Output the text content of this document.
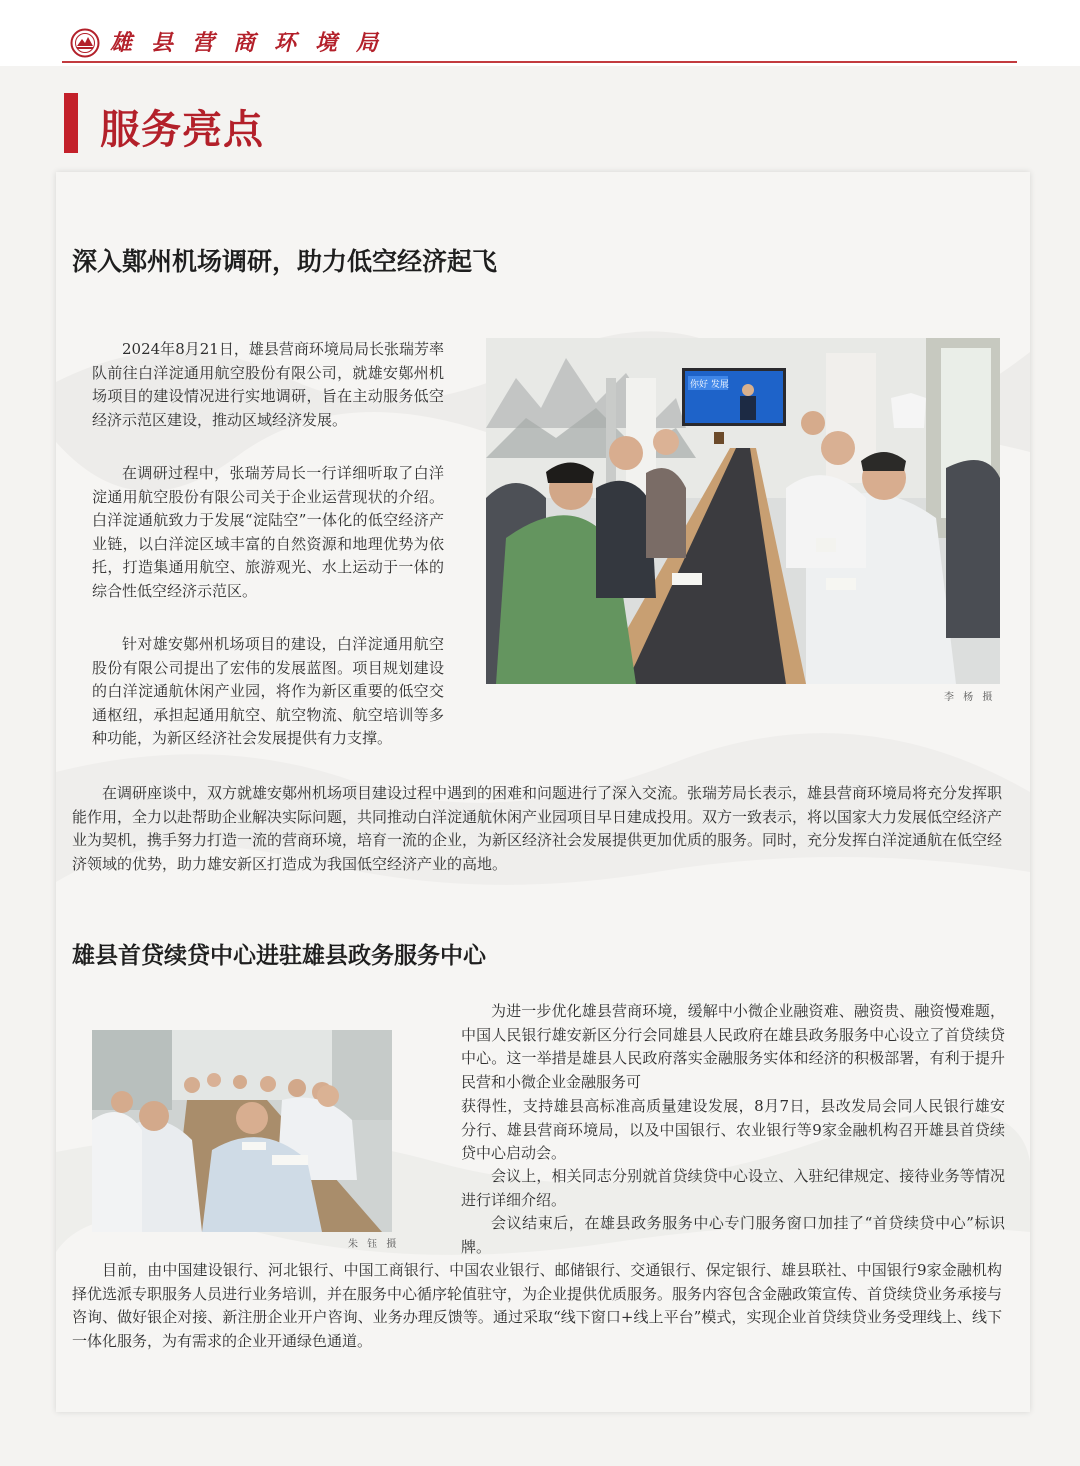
雄县营商环境局
服务亮点
深入鄚州机场调研，助力低空经济起飞

2024年8月21日，雄县营商环境局局长张瑞芳率队前往白洋淀通用航空股份有限公司，就雄安鄚州机场项目的建设情况进行实地调研，旨在主动服务低空经济示范区建设，推动区域经济发展。

在调研过程中，张瑞芳局长一行详细听取了白洋淀通用航空股份有限公司关于企业运营现状的介绍。白洋淀通航致力于发展“淀陆空”一体化的低空经济产业链，以白洋淀区域丰富的自然资源和地理优势为依托，打造集通用航空、旅游观光、水上运动于一体的综合性低空经济示范区。

针对雄安鄚州机场项目的建设，白洋淀通用航空股份有限公司提出了宏伟的发展蓝图。项目规划建设的白洋淀通航休闲产业园，将作为新区重要的低空交通枢纽，承担起通用航空、航空物流、航空培训等多种功能，为新区经济社会发展提供有力支撑。

你好 发展
李 杨 摄

在调研座谈中，双方就雄安鄚州机场项目建设过程中遇到的困难和问题进行了深入交流。张瑞芳局长表示，雄县营商环境局将充分发挥职能作用，全力以赴帮助企业解决实际问题，共同推动白洋淀通航休闲产业园项目早日建成投用。双方一致表示，将以国家大力发展低空经济产业为契机，携手努力打造一流的营商环境，培育一流的企业，为新区经济社会发展提供更加优质的服务。同时，充分发挥白洋淀通航在低空经济领域的优势，助力雄安新区打造成为我国低空经济产业的高地。

雄县首贷续贷中心进驻雄县政务服务中心

为进一步优化雄县营商环境，缓解中小微企业融资难、融资贵、融资慢难题，中国人民银行雄安新区分行会同雄县人民政府在雄县政务服务中心设立了首贷续贷中心。这一举措是雄县人民政府落实金融服务实体和经济的积极部署，有利于提升民营和小微企业金融服务可

获得性，支持雄县高标准高质量建设发展，8月7日，县改发局会同人民银行雄安分行、雄县营商环境局，以及中国银行、农业银行等9家金融机构召开雄县首贷续贷中心启动会。

会议上，相关同志分别就首贷续贷中心设立、入驻纪律规定、接待业务等情况进行详细介绍。

会议结束后，在雄县政务服务中心专门服务窗口加挂了“首贷续贷中心”标识牌。

朱 钰 摄

目前，由中国建设银行、河北银行、中国工商银行、中国农业银行、邮储银行、交通银行、保定银行、雄县联社、中国银行9家金融机构择优选派专职服务人员进行业务培训，并在服务中心循序轮值驻守，为企业提供优质服务。服务内容包含金融政策宣传、首贷续贷业务承接与咨询、做好银企对接、新注册企业开户咨询、业务办理反馈等。通过采取“线下窗口+线上平台”模式，实现企业首贷续贷业务受理线上、线下一体化服务，为有需求的企业开通绿色通道。
